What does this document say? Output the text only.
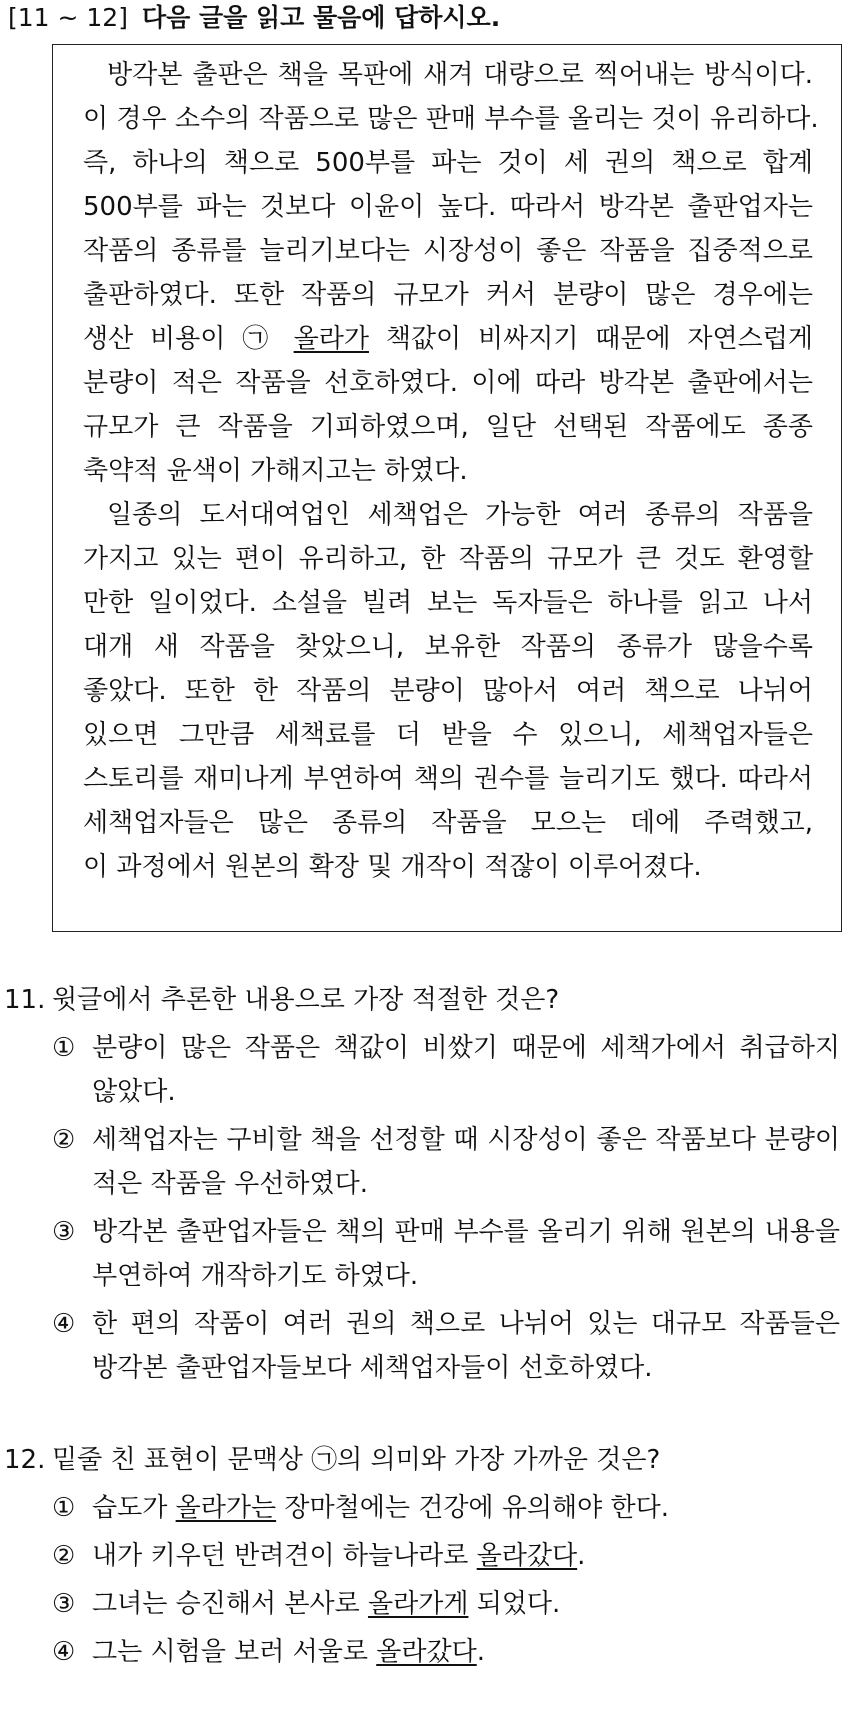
[11 ~ 12] 다음 글을 읽고 물음에 답하시오.
방각본 출판은 책을 목판에 새겨 대량으로 찍어내는 방식이다.
이 경우 소수의 작품으로 많은 판매 부수를 올리는 것이 유리하다.
즉, 하나의 책으로 500부를 파는 것이 세 권의 책으로 합계
500부를 파는 것보다 이윤이 높다. 따라서 방각본 출판업자는
작품의 종류를 늘리기보다는 시장성이 좋은 작품을 집중적으로
출판하였다. 또한 작품의 규모가 커서 분량이 많은 경우에는
생산 비용이 ㉠ 올라가 책값이 비싸지기 때문에 자연스럽게
분량이 적은 작품을 선호하였다. 이에 따라 방각본 출판에서는
규모가 큰 작품을 기피하였으며, 일단 선택된 작품에도 종종
축약적 윤색이 가해지고는 하였다.
일종의 도서대여업인 세책업은 가능한 여러 종류의 작품을
가지고 있는 편이 유리하고, 한 작품의 규모가 큰 것도 환영할
만한 일이었다. 소설을 빌려 보는 독자들은 하나를 읽고 나서
대개 새 작품을 찾았으니, 보유한 작품의 종류가 많을수록
좋았다. 또한 한 작품의 분량이 많아서 여러 책으로 나뉘어
있으면 그만큼 세책료를 더 받을 수 있으니, 세책업자들은
스토리를 재미나게 부연하여 책의 권수를 늘리기도 했다. 따라서
세책업자들은 많은 종류의 작품을 모으는 데에 주력했고,
이 과정에서 원본의 확장 및 개작이 적잖이 이루어졌다.
11. 윗글에서 추론한 내용으로 가장 적절한 것은?
① 분량이 많은 작품은 책값이 비쌌기 때문에 세책가에서 취급하지
않았다.
② 세책업자는 구비할 책을 선정할 때 시장성이 좋은 작품보다 분량이
적은 작품을 우선하였다.
③ 방각본 출판업자들은 책의 판매 부수를 올리기 위해 원본의 내용을
부연하여 개작하기도 하였다.
④ 한 편의 작품이 여러 권의 책으로 나뉘어 있는 대규모 작품들은
방각본 출판업자들보다 세책업자들이 선호하였다.
12. 밑줄 친 표현이 문맥상 ㉠의 의미와 가장 가까운 것은?
① 습도가 올라가는 장마철에는 건강에 유의해야 한다.
② 내가 키우던 반려견이 하늘나라로 올라갔다.
③ 그녀는 승진해서 본사로 올라가게 되었다.
④ 그는 시험을 보러 서울로 올라갔다.
